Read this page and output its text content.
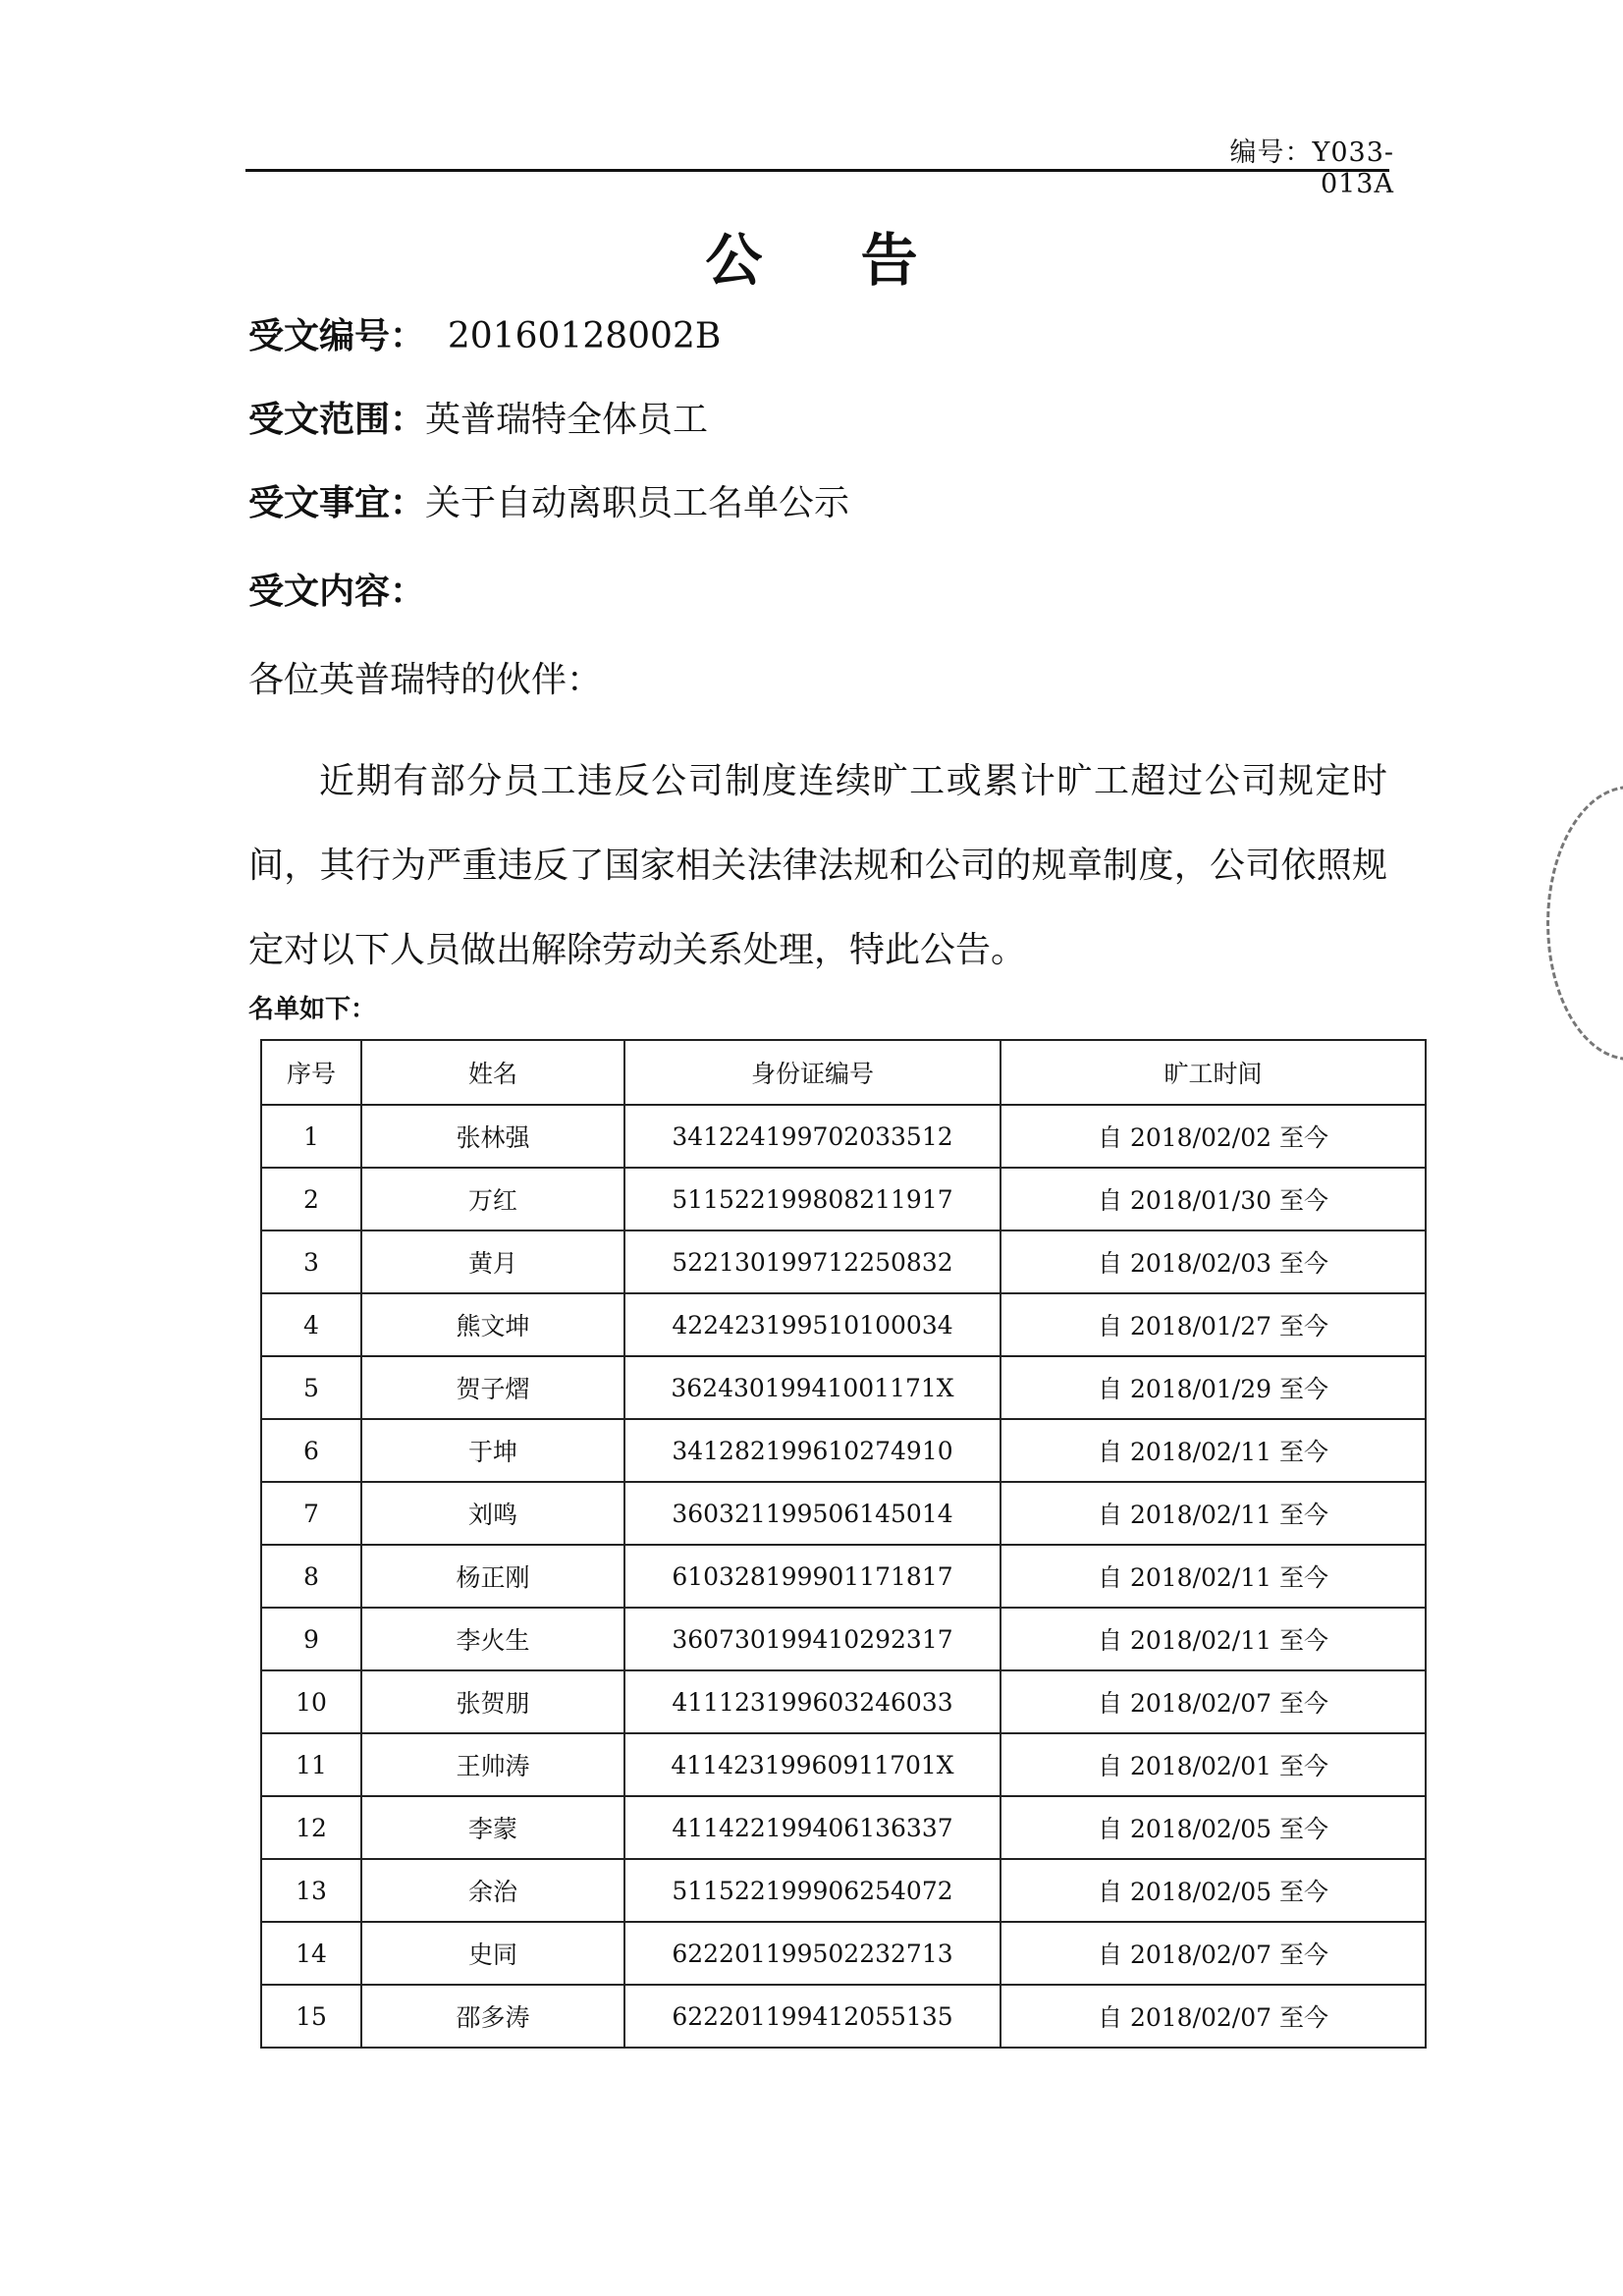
编号：Y033-013A
公 告
受文编号：  20160128002B
受文范围：英普瑞特全体员工
受文事宜：关于自动离职员工名单公示
受文内容：
各位英普瑞特的伙伴：
近期有部分员工违反公司制度连续旷工或累计旷工超过公司规定时间，其行为严重违反了国家相关法律法规和公司的规章制度，公司依照规定对以下人员做出解除劳动关系处理，特此公告。
名单如下：
序号	姓名	身份证编号	旷工时间
1	张林强	341224199702033512	自 2018/02/02 至今
2	万红	511522199808211917	自 2018/01/30 至今
3	黄月	522130199712250832	自 2018/02/03 至今
4	熊文坤	422423199510100034	自 2018/01/27 至今
5	贺子熠	36243019941001171X	自 2018/01/29 至今
6	于坤	341282199610274910	自 2018/02/11 至今
7	刘鸣	360321199506145014	自 2018/02/11 至今
8	杨正刚	610328199901171817	自 2018/02/11 至今
9	李火生	360730199410292317	自 2018/02/11 至今
10	张贺朋	411123199603246033	自 2018/02/07 至今
11	王帅涛	41142319960911701X	自 2018/02/01 至今
12	李蒙	411422199406136337	自 2018/02/05 至今
13	余治	511522199906254072	自 2018/02/05 至今
14	史同	622201199502232713	自 2018/02/07 至今
15	邵多涛	622201199412055135	自 2018/02/07 至今
